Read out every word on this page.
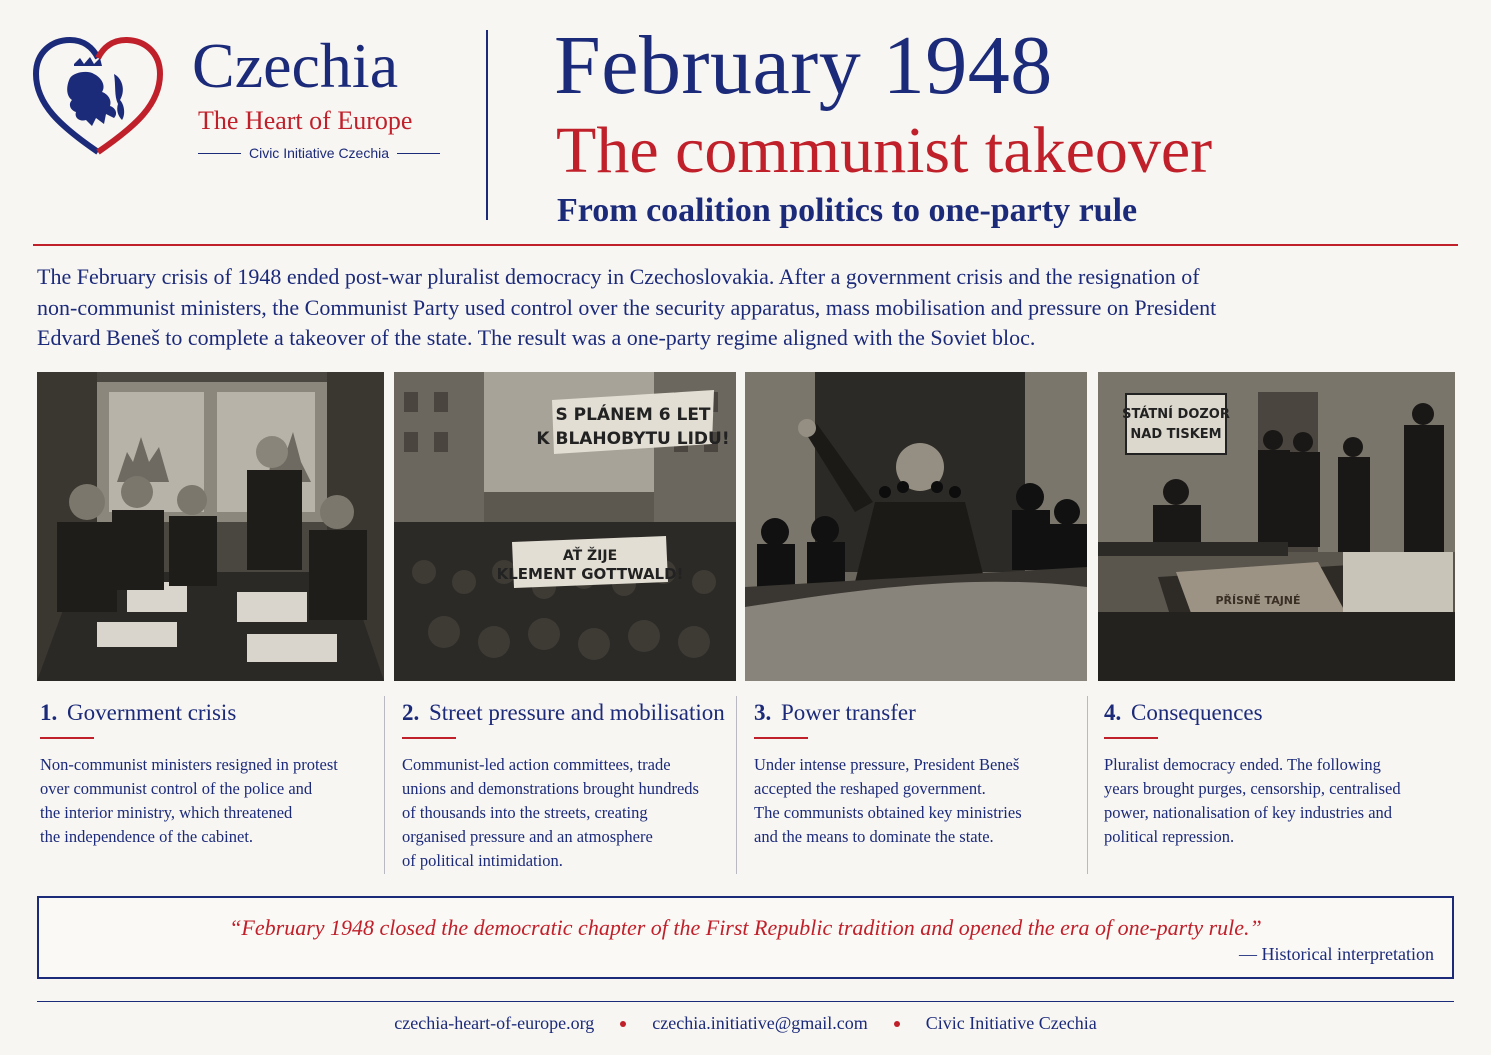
Czechia
The Heart of Europe
Civic Initiative Czechia
February 1948
The communist takeover
From coalition politics to one-party rule
The February crisis of 1948 ended post-war pluralist democracy in Czechoslovakia. After a government crisis and the resignation of
non-communist ministers, the Communist Party used control over the security apparatus, mass mobilisation and pressure on President
Edvard Beneš to complete a takeover of the state. The result was a one-party regime aligned with the Soviet bloc.
S PLÁNEM 6 LET
K BLAHOBYTU LIDU!
AŤ ŽIJE
KLEMENT GOTTWALD!
STÁTNÍ DOZOR
NAD TISKEM
PŘÍSNĚ TAJNÉ
1. Government crisis
Non-communist ministers resigned in protest
over communist control of the police and
the interior ministry, which threatened
the independence of the cabinet.
2. Street pressure and mobilisation
Communist-led action committees, trade
unions and demonstrations brought hundreds
of thousands into the streets, creating
organised pressure and an atmosphere
of political intimidation.
3. Power transfer
Under intense pressure, President Beneš
accepted the reshaped government.
The communists obtained key ministries
and the means to dominate the state.
4. Consequences
Pluralist democracy ended. The following
years brought purges, censorship, centralised
power, nationalisation of key industries and
political repression.
“February 1948 closed the democratic chapter of the First Republic tradition and opened the era of one-party rule.”
— Historical interpretation
czechia-heart-of-europe.org	czechia.initiative@gmail.com	Civic Initiative Czechia
